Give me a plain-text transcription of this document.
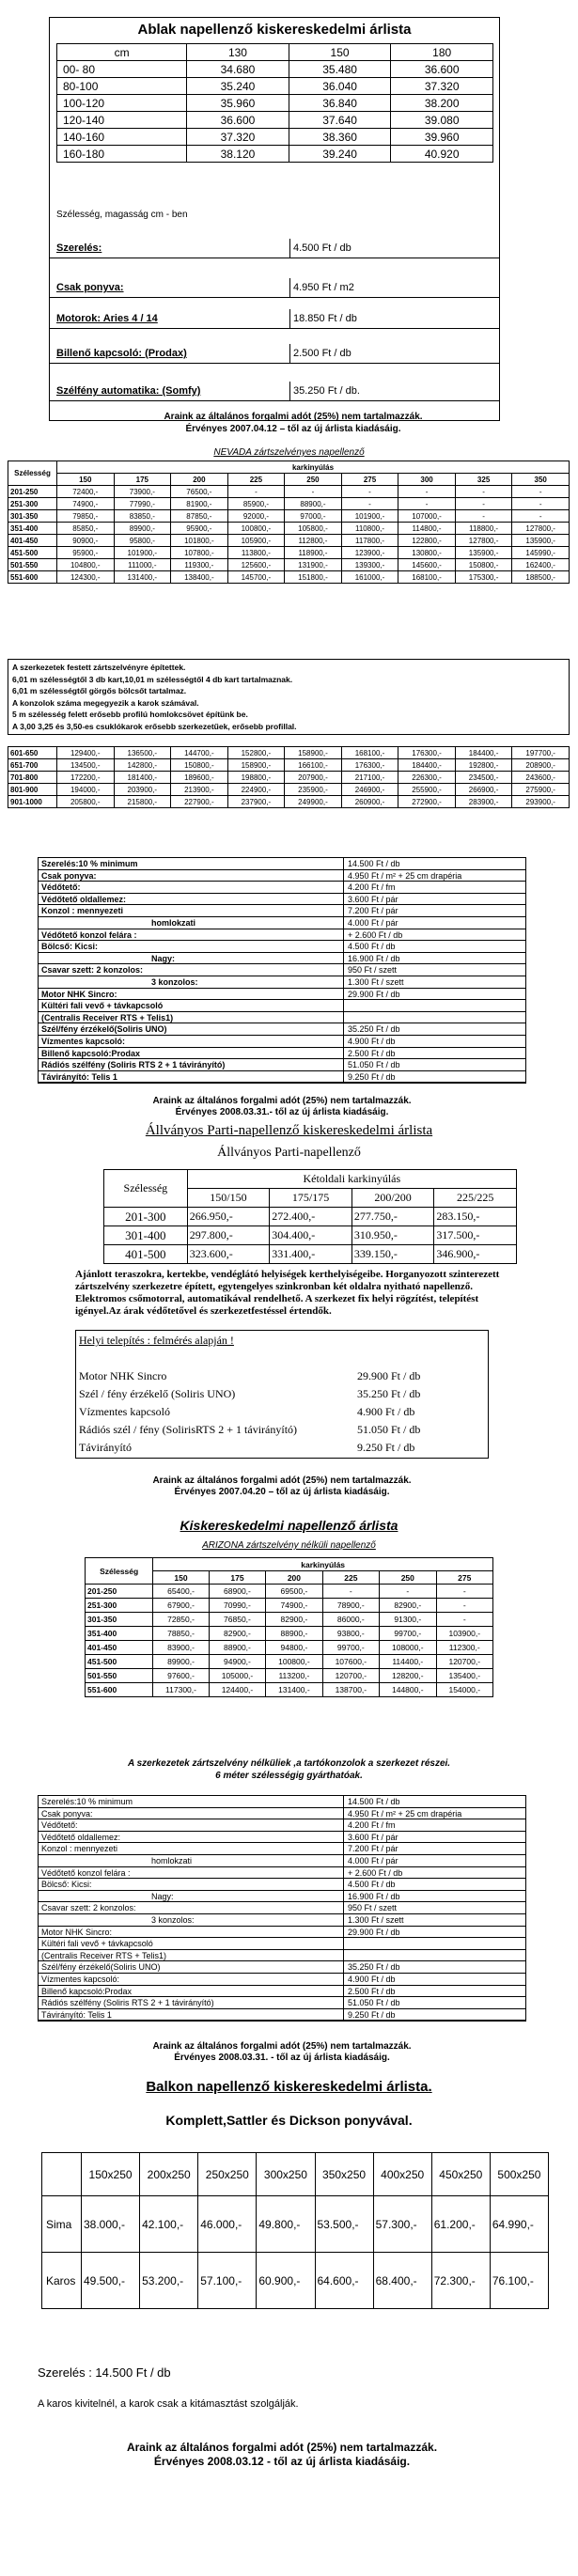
Ablak napellenző kiskereskedelmi árlista
cm	130	150	180
00- 80	34.680	35.480	36.600
80-100	35.240	36.040	37.320
100-120	35.960	36.840	38.200
120-140	36.600	37.640	39.080
140-160	37.320	38.360	39.960
160-180	38.120	39.240	40.920
Szélesség, magasság cm - ben
Szerelés:	4.500 Ft / db
Csak ponyva:	4.950 Ft / m2
Motorok: Aries 4 / 14	18.850 Ft / db
Billenő kapcsoló: (Prodax)	2.500 Ft / db
Szélfény automatika: (Somfy)	35.250 Ft / db.
Araink az általános forgalmi adót (25%) nem tartalmazzák.
Érvényes 2007.04.12 – től az új árlista kiadásáig.
NEVADA zártszelvényes napellenző
Szélesség	karkinyúlás								
	150	175	200	225	250	275	300	325	350
201-250	72400,-	73900,-	76500,-	-	-	-	-	-	-
251-300	74900,-	77990,-	81900,-	85900,-	88900,-	-	-	-	-
301-350	79850,-	83850,-	87850,-	92000,-	97000,-	101900,-	107000,-	-	-
351-400	85850,-	89900,-	95900,-	100800,-	105800,-	110800,-	114800,-	118800,-	127800,-
401-450	90900,-	95800,-	101800,-	105900,-	112800,-	117800,-	122800,-	127800,-	135900,-
451-500	95900,-	101900,-	107800,-	113800,-	118900,-	123900,-	130800,-	135900,-	145990,-
501-550	104800,-	111000,-	119300,-	125600,-	131900,-	139300,-	145600,-	150800,-	162400,-
551-600	124300,-	131400,-	138400,-	145700,-	151800,-	161000,-	168100,-	175300,-	188500,-
A szerkezetek festett zártszelvényre építettek.
6,01 m szélességtől 3 db kart,10,01 m szélességtől 4 db kart tartalmaznak.
6,01 m szélességtől görgős bölcsőt tartalmaz.
A konzolok száma megegyezik a karok számával.
5 m szélesség felett erősebb profilú homlokcsövet építünk be.
A 3,00 3,25 és 3,50-es csuklókarok erősebb szerkezetűek, erősebb profillal.
601-650	129400,-	136500,-	144700,-	152800,-	158900,-	168100,-	176300,-	184400,-	197700,-
651-700	134500,-	142800,-	150800,-	158900,-	166100,-	176300,-	184400,-	192800,-	208900,-
701-800	172200,-	181400,-	189600,-	198800,-	207900,-	217100,-	226300,-	234500,-	243600,-
801-900	194000,-	203900,-	213900,-	224900,-	235900,-	246900,-	255900,-	266900,-	275900,-
901-1000	205800,-	215800,-	227900,-	237900,-	249900,-	260900,-	272900,-	283900,-	293900,-
Szerelés:10 % minimum	14.500 Ft / db
Csak ponyva:	4.950 Ft / m² + 25 cm drapéria
Védőtető:	4.200 Ft / fm
Védőtető oldallemez:	3.600 Ft / pár
Konzol : mennyezeti	7.200 Ft / pár
homlokzati	4.000 Ft / pár
Védőtető konzol felára :	+ 2.600 Ft / db
Bölcső: Kicsi:	4.500 Ft / db
Nagy:	16.900 Ft / db
Csavar szett: 2 konzolos:	950 Ft / szett
3 konzolos:	1.300 Ft / szett
Motor NHK Sincro:	29.900 Ft / db
Kültéri fali vevő + távkapcsoló
(Centralis Receiver RTS + Telis1)
Szél/fény érzékelő(Soliris UNO)	35.250 Ft / db
Vízmentes kapcsoló:	4.900 Ft / db
Billenő kapcsoló:Prodax	2.500 Ft / db
Rádiós szélfény (Soliris RTS 2 + 1 távirányító)	51.050 Ft / db
Távirányító: Telis 1	9.250 Ft / db
Araink az általános forgalmi adót (25%) nem tartalmazzák.
Érvényes 2008.03.31.- től az új árlista kiadásáig.
Állványos Parti-napellenző kiskereskedelmi árlista
Állványos Parti-napellenző
Szélesség	Kétoldali karkinyúlás			
	150/150	175/175	200/200	225/225
201-300	266.950,-	272.400,-	277.750,-	283.150,-
301-400	297.800,-	304.400,-	310.950,-	317.500,-
401-500	323.600,-	331.400,-	339.150,-	346.900,-
Ajánlott teraszokra, kertekbe, vendéglátó helyiségek kerthelyiségeibe. Horganyozott szinterezett zártszelvény szerkezetre épített, egytengelyes szinkronban két oldalra nyitható napellenző. Elektromos csőmotorral, automatikával rendelhető. A szerkezet fix helyi rögzítést, telepítést igényel.Az árak védőtetővel és szerkezetfestéssel értendők.
Helyi telepítés : felmérés alapján !
Motor NHK Sincro	29.900 Ft / db
Szél / fény érzékelő (Soliris UNO)	35.250 Ft / db
Vízmentes kapcsoló	4.900 Ft / db
Rádiós szél / fény (SolirisRTS 2 + 1 távirányító)	51.050 Ft / db
Távirányító	9.250 Ft / db
Araink az általános forgalmi adót (25%) nem tartalmazzák.
Érvényes 2007.04.20 – től az új árlista kiadásáig.
Kiskereskedelmi napellenző árlista
ARIZONA zártszelvény nélküli napellenző
Szélesség	karkinyúlás					
	150	175	200	225	250	275
201-250	65400,-	68900,-	69500,-	-	-	-
251-300	67900,-	70990,-	74900,-	78900,-	82900,-	-
301-350	72850,-	76850,-	82900,-	86000,-	91300,-	-
351-400	78850,-	82900,-	88900,-	93800,-	99700,-	103900,-
401-450	83900,-	88900,-	94800,-	99700,-	108000,-	112300,-
451-500	89900,-	94900,-	100800,-	107600,-	114400,-	120700,-
501-550	97600,-	105000,-	113200,-	120700,-	128200,-	135400,-
551-600	117300,-	124400,-	131400,-	138700,-	144800,-	154000,-
A szerkezetek zártszelvény nélküliek ,a tartókonzolok a szerkezet részei.
6 méter szélességig gyárthatóak.
Szerelés:10 % minimum	14.500 Ft / db
Csak ponyva:	4.950 Ft / m² + 25 cm drapéria
Védőtető:	4.200 Ft / fm
Védőtető oldallemez:	3.600 Ft / pár
Konzol : mennyezeti	7.200 Ft / pár
homlokzati	4.000 Ft / pár
Védőtető konzol felára :	+ 2.600 Ft / db
Bölcső: Kicsi:	4.500 Ft / db
Nagy:	16.900 Ft / db
Csavar szett: 2 konzolos:	950 Ft / szett
3 konzolos:	1.300 Ft / szett
Motor NHK Sincro:	29.900 Ft / db
Kültéri fali vevő + távkapcsoló
(Centralis Receiver RTS + Telis1)
Szél/fény érzékelő(Soliris UNO)	35.250 Ft / db
Vízmentes kapcsoló:	4.900 Ft / db
Billenő kapcsoló:Prodax	2.500 Ft / db
Rádiós szélfény (Soliris RTS 2 + 1 távirányító)	51.050 Ft / db
Távirányító: Telis 1	9.250 Ft / db
Araink az általános forgalmi adót (25%) nem tartalmazzák.
Érvényes 2008.03.31. - től az új árlista kiadásáig.
Balkon napellenző kiskereskedelmi árlista.
Komplett,Sattler és Dickson ponyvával.
	150x250	200x250	250x250	300x250	350x250	400x250	450x250	500x250
Sima	38.000,-	42.100,-	46.000,-	49.800,-	53.500,-	57.300,-	61.200,-	64.990,-
Karos	49.500,-	53.200,-	57.100,-	60.900,-	64.600,-	68.400,-	72.300,-	76.100,-
Szerelés : 14.500 Ft / db
A karos kivitelnél, a karok csak a kitámasztást szolgálják.
Araink az általános forgalmi adót (25%) nem tartalmazzák.
Érvényes 2008.03.12 - től az új árlista kiadásáig.
